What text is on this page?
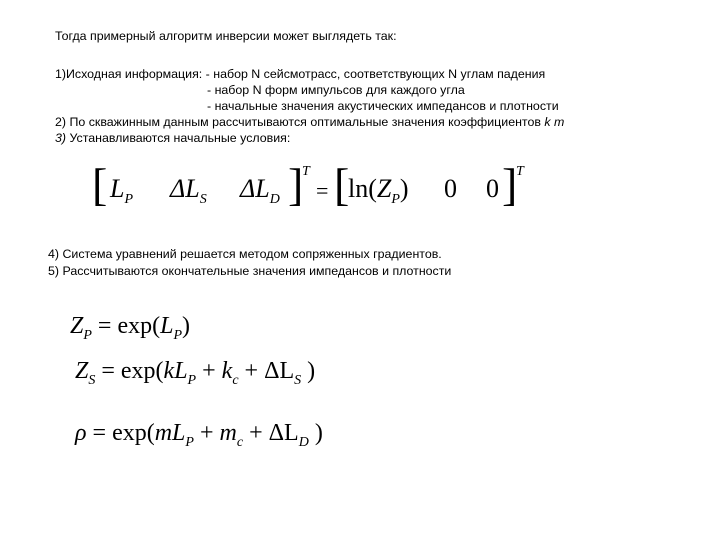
Тогда примерный алгоритм инверсии может выглядеть так:
1)Исходная информация: - набор N сейсмотрасс, соответствующих N углам падения
- набор N форм импульсов для каждого угла
- начальные значения акустических импедансов и плотности
2) По скважинным данным рассчитываются оптимальные значения коэффициентов k m
3) Устанавливаются начальные условия:
[ $L_P$ $\Delta L_S$ $\Delta L_D$ ]
T
= [
$\ln(Z_P)$ 0 0 ]
T
4) Система уравнений решается методом сопряженных градиентов.
5) Рассчитываются окончательные значения импедансов и плотности
$Z_P = \exp(L_P)$
$Z_S = \exp(kL_P + k_c + \Delta L_S$ )
$\rho = \exp(mL_P + m_c + \Delta L_D$ )
